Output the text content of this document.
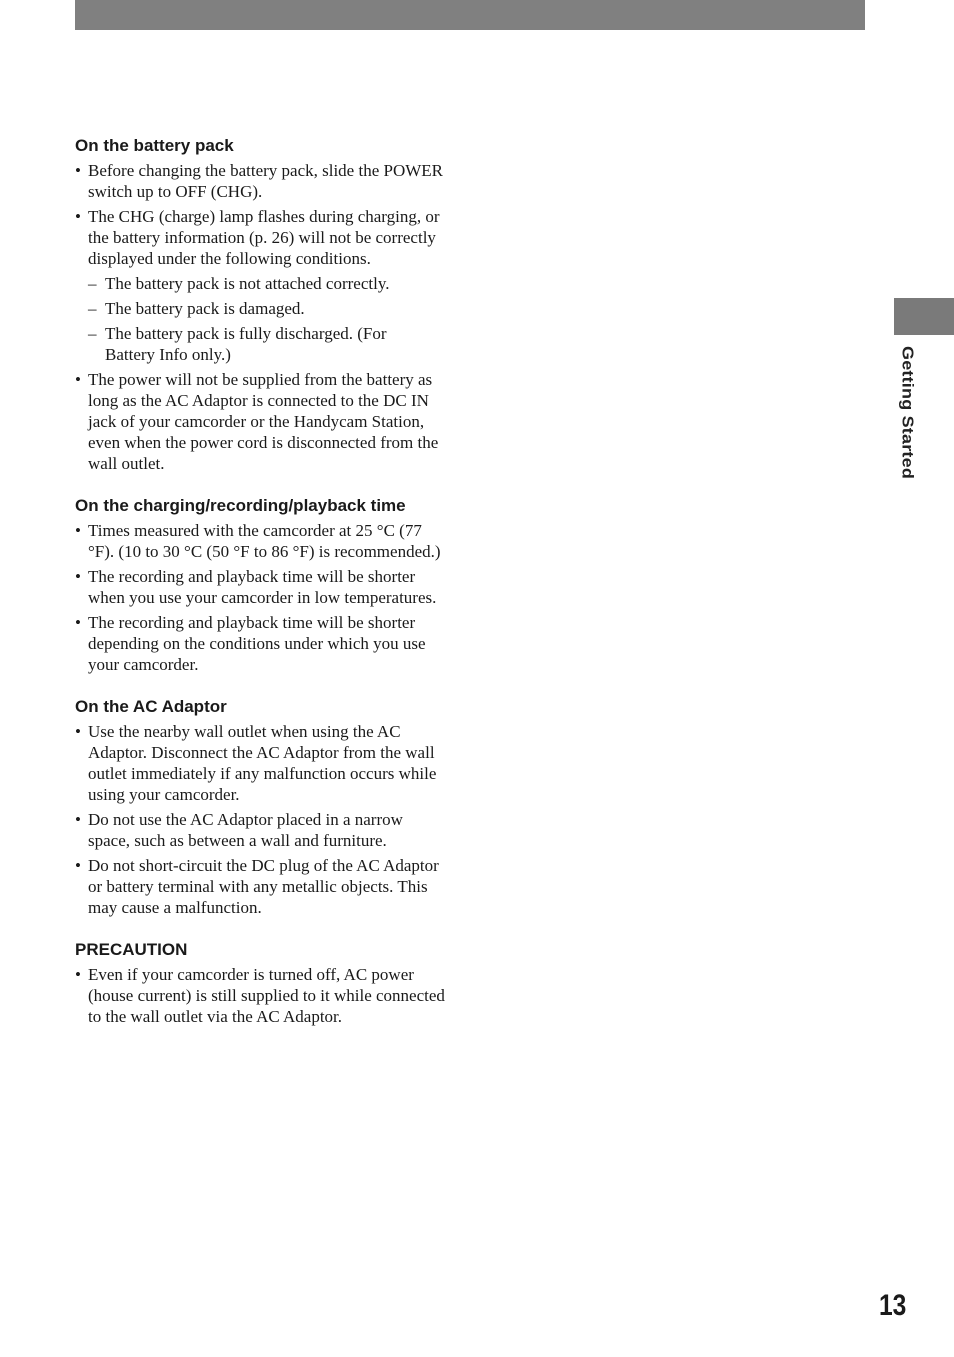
Getting Started
On the battery pack
• Before changing the battery pack, slide the POWER switch up to OFF (CHG).
• The CHG (charge) lamp flashes during charging, or the battery information (p. 26) will not be correctly displayed under the following conditions.
– The battery pack is not attached correctly.
– The battery pack is damaged.
– The battery pack is fully discharged. (For Battery Info only.)
• The power will not be supplied from the battery as long as the AC Adaptor is connected to the DC IN jack of your camcorder or the Handycam Station, even when the power cord is disconnected from the wall outlet.
On the charging/recording/playback time
• Times measured with the camcorder at 25 °C (77 °F). (10 to 30 °C (50 °F to 86 °F) is recommended.)
• The recording and playback time will be shorter when you use your camcorder in low temperatures.
• The recording and playback time will be shorter depending on the conditions under which you use your camcorder.
On the AC Adaptor
• Use the nearby wall outlet when using the AC Adaptor. Disconnect the AC Adaptor from the wall outlet immediately if any malfunction occurs while using your camcorder.
• Do not use the AC Adaptor placed in a narrow space, such as between a wall and furniture.
• Do not short-circuit the DC plug of the AC Adaptor or battery terminal with any metallic objects. This may cause a malfunction.
PRECAUTION
• Even if your camcorder is turned off, AC power (house current) is still supplied to it while connected to the wall outlet via the AC Adaptor.
13
